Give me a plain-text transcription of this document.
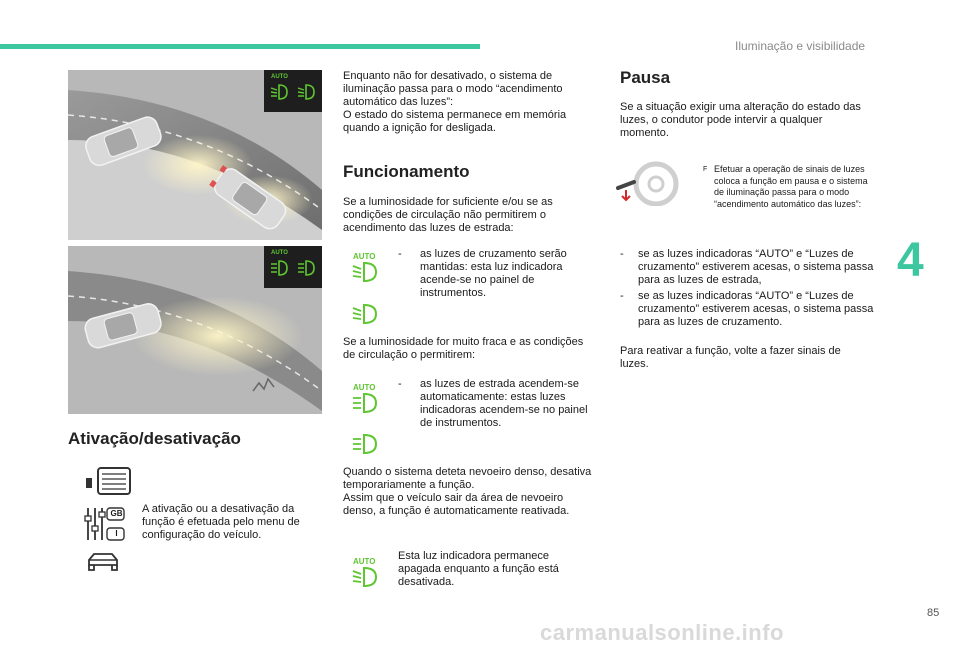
Iluminação e visibilidade
4
85
AUTO
AUTO
Ativação/desativação
GB
I
A ativação ou a desativação da função é efetuada pelo menu de configuração do veículo.
Enquanto não for desativado, o sistema de iluminação passa para o modo “acendimento automático das luzes”:
O estado do sistema permanece em memória quando a ignição for desligada.
Funcionamento
Se a luminosidade for suficiente e/ou se as condições de circulação não permitirem o acendimento das luzes de estrada:
AUTO	- as luzes de cruzamento serão mantidas: esta luz indicadora acende-se no painel de instrumentos.
Se a luminosidade for muito fraca e as condições de circulação o permitirem:
AUTO	- as luzes de estrada acendem-se automaticamente: estas luzes indicadoras acendem-se no painel de instrumentos.
Quando o sistema deteta nevoeiro denso, desativa temporariamente a função.
Assim que o veículo sair da área de nevoeiro denso, a função é automaticamente reativada.
AUTO	Esta luz indicadora permanece apagada enquanto a função está desativada.
Pausa
Se a situação exigir uma alteração do estado das luzes, o condutor pode intervir a qualquer momento.
F Efetuar a operação de sinais de luzes coloca a função em pausa e o sistema de iluminação passa para o modo “acendimento automático das luzes”:
- se as luzes indicadoras “AUTO” e “Luzes de cruzamento” estiverem acesas, o sistema passa para as luzes de estrada,
- se as luzes indicadoras “AUTO” e “Luzes de cruzamento” estiverem acesas, o sistema passa para as luzes de cruzamento.
Para reativar a função, volte a fazer sinais de luzes.
carmanualsonline.info
